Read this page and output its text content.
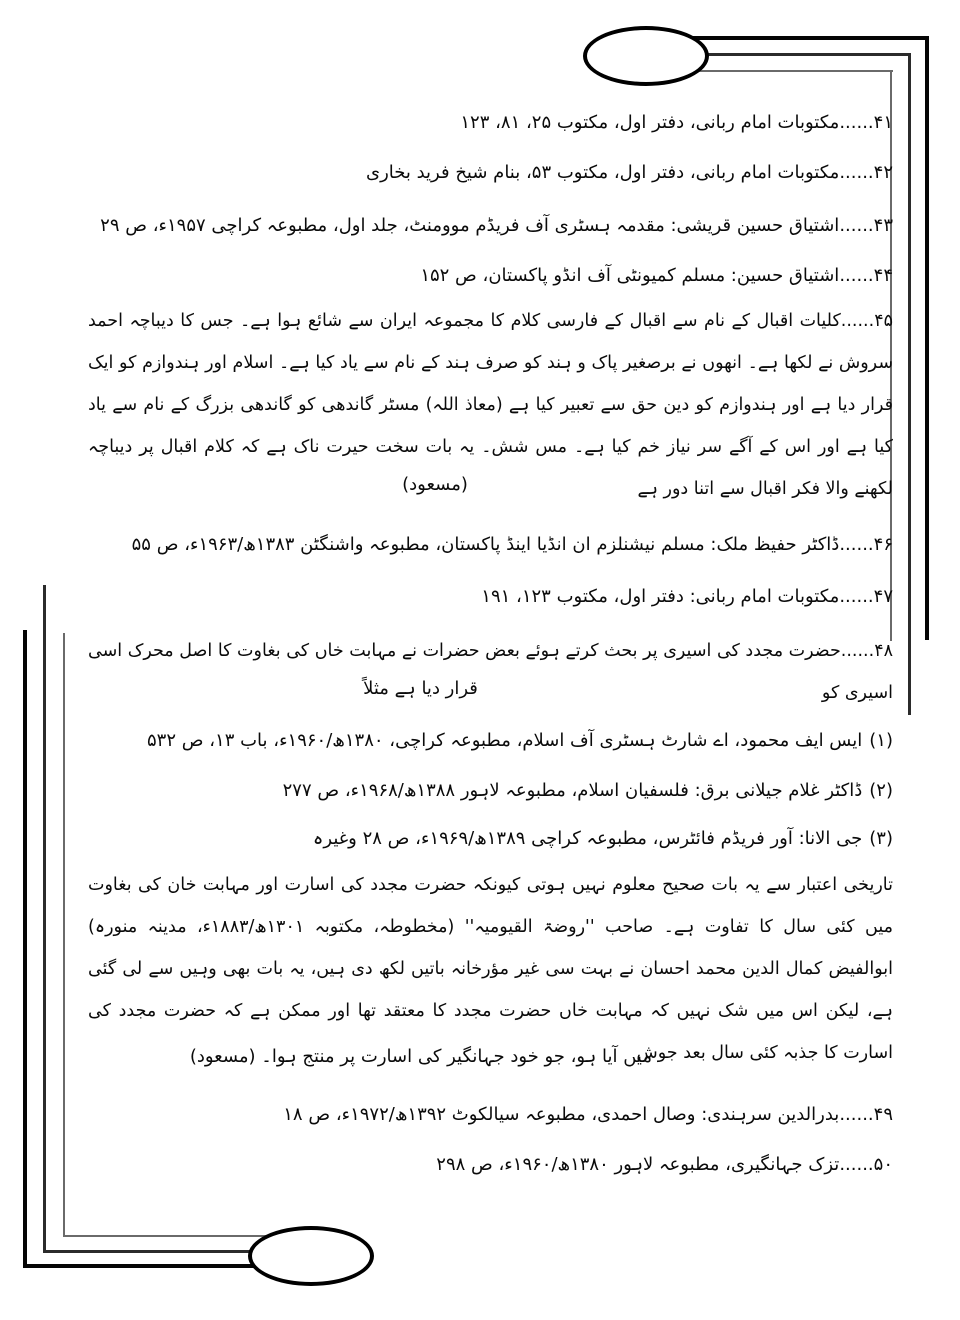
۴۱......مکتوبات امام ربانی، دفتر اول، مکتوب ۲۵، ۸۱، ۱۲۳
۴۲......مکتوبات امام ربانی، دفتر اول، مکتوب ۵۳، بنام شیخ فرید بخاری
۴۳......اشتیاق حسین قریشی: مقدمہ ہسٹری آف فریڈم موومنٹ، جلد اول، مطبوعہ کراچی ۱۹۵۷ء، ص ۲۹
۴۴......اشتیاق حسین: مسلم کمیونٹی آف انڈو پاکستان، ص ۱۵۲
۴۵......کلیات اقبال کے نام سے اقبال کے فارسی کلام کا مجموعہ ایران سے شائع ہوا ہے۔ جس کا دیباچہ احمد سروش نے لکھا ہے۔ انھوں نے برصغیر پاک و ہند کو صرف ہند کے نام سے یاد کیا ہے۔ اسلام اور ہندوازم کو ایک قرار دیا ہے اور ہندوازم کو دین حق سے تعبیر کیا ہے (معاذ اللہ) مسٹر گاندھی کو گاندھی بزرگ کے نام سے یاد کیا ہے اور اس کے آگے سر نیاز خم کیا ہے۔ مس شش۔ یہ بات سخت حیرت ناک ہے کہ کلام اقبال پر دیباچہ لکھنے والا فکر اقبال سے اتنا دور ہے
(مسعود)
۴۶......ڈاکٹر حفیظ ملک: مسلم نیشنلزم ان انڈیا اینڈ پاکستان، مطبوعہ واشنگٹن ۱۳۸۳ھ/۱۹۶۳ء، ص ۵۵
۴۷......مکتوبات امام ربانی: دفتر اول، مکتوب ۱۲۳، ۱۹۱
۴۸......حضرت مجدد کی اسیری پر بحث کرتے ہوئے بعض حضرات نے مہابت خاں کی بغاوت کا اصل محرک اسی اسیری کو
قرار دیا ہے مثلاً
(۱)ایس ایف محمود، اے شارٹ ہسٹری آف اسلام، مطبوعہ کراچی، ۱۳۸۰ھ/۱۹۶۰ء، باب ۱۳، ص ۵۳۲
(۲)ڈاکٹر غلام جیلانی برق: فلسفیان اسلام، مطبوعہ لاہور ۱۳۸۸ھ/۱۹۶۸ء، ص ۲۷۷
(۳)جی الانا: آور فریڈم فائٹرس، مطبوعہ کراچی ۱۳۸۹ھ/۱۹۶۹ء، ص ۲۸ وغیرہ
تاریخی اعتبار سے یہ بات صحیح معلوم نہیں ہوتی کیونکہ حضرت مجدد کی اسارت اور مہابت خان کی بغاوت میں کئی سال کا تفاوت ہے۔ صاحب ''روضۃ القیومیہ'' (مخطوطہ، مکتوبہ ۱۳۰۱ھ/۱۸۸۳ء، مدینہ منورہ) ابوالفیض کمال الدین محمد احسان نے بہت سی غیر مؤرخانہ باتیں لکھ دی ہیں، یہ بات بھی وہیں سے لی گئی ہے، لیکن اس میں شک نہیں کہ مہابت خاں حضرت مجدد کا معتقد تھا اور ممکن ہے کہ حضرت مجدد کی اسارت کا جذبہ کئی سال بعد جوش
میں آیا ہو، جو خود جہانگیر کی اسارت پر منتج ہوا۔ (مسعود)
۴۹......بدرالدین سرہندی: وصال احمدی، مطبوعہ سیالکوٹ ۱۳۹۲ھ/۱۹۷۲ء، ص ۱۸
۵۰......تزک جہانگیری، مطبوعہ لاہور ۱۳۸۰ھ/۱۹۶۰ء، ص ۲۹۸
